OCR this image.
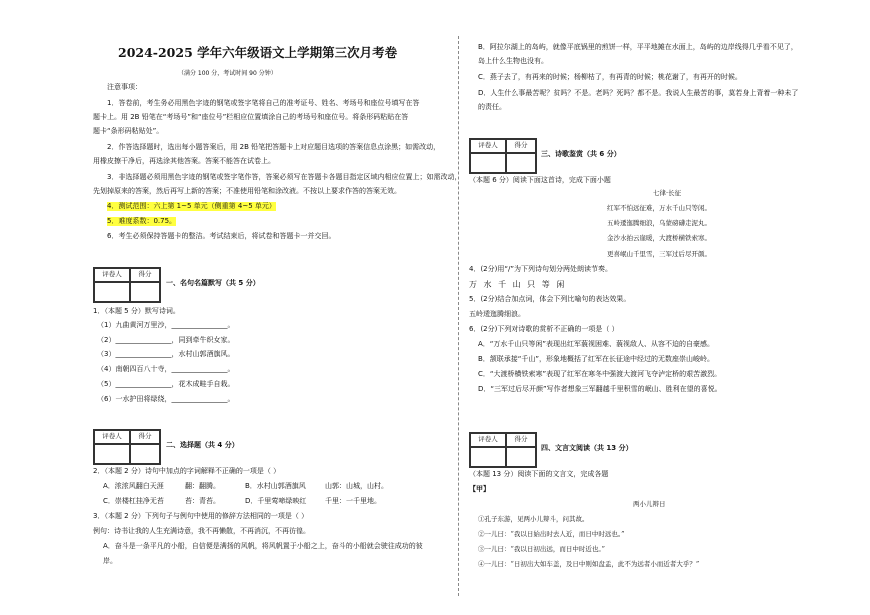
2024-2025 学年六年级语文上学期第三次月考卷
（满分 100 分，考试时间 90 分钟）
注意事项：
1．答卷前，考生务必用黑色字迹的钢笔或签字笔将自己的准考证号、姓名、考场号和座位号填写在答
题卡上。用 2B 铅笔在“考场号”和“座位号”栏相应位置填涂自己的考场号和座位号。将条形码粘贴在答
题卡“条形码粘贴处”。
2．作答选择题时，选出每小题答案后，用 2B 铅笔把答题卡上对应题目选项的答案信息点涂黑；如需改动，
用橡皮擦干净后，再选涂其他答案。答案不能答在试卷上。
3．非选择题必须用黑色字迹的钢笔或签字笔作答，答案必须写在答题卡各题目指定区域内相应位置上；如需改动，
先划掉原来的答案，然后再写上新的答案；不准使用铅笔和涂改液。不按以上要求作答的答案无效。
4．测试范围：六上第 1~5 单元（侧重第 4~5 单元）
5．难度系数：0.75。
6．考生必须保持答题卡的整洁。考试结束后，将试卷和答题卡一并交回。
评卷人	得分
一、名句名篇默写（共 5 分）
1．（本题 5 分）默写诗词。
（1）九曲黄河万里沙，________________。
（2）________________，同到牵牛织女家。
（3）________________，水村山郭酒旗风。
（4）南朝四百八十寺，________________。
（5）________________，花木成畦手自栽。
（6）一水护田将绿绕，________________。
评卷人	得分
二、选择题（共 4 分）
2．（本题 2 分）诗句中加点的字词解释不正确的一项是（ ）
A．浓浓风翻白天涯	翻：翻腾。	B．水村山郭酒旗风	山郭：山城，山村。
C．崇楼杠挂净无苔	苔：青苔。	D．千里莺啼绿映红	千里：一千里地。
3．（本题 2 分）下列句子与例句中使用的修辞方法相同的一项是（ ）
例句：诗书让我的人生充满诗意，我不再懒散，不再消沉，不再彷徨。
A．奋斗是一条平凡的小船，自信便是满扬的风帆，将风帆置于小船之上，奋斗的小船就会驶往成功的彼
岸。
B．阿拉尔湖上的岛屿，就像平底锅里的煎饼一样，平平地摊在水面上，岛屿的边岸线得几乎看不见了，
岛上什么生物也没有。
C．燕子去了，有再来的时候；杨柳枯了，有再青的时候；桃花谢了，有再开的时候。
D．人生什么事最苦呢？贫吗？不是。老吗？死吗？都不是。我说人生最苦的事，莫若身上背着一种未了
的责任。
评卷人	得分
三、诗歌鉴赏（共 6 分）
（本题 6 分）阅读下面这首诗，完成下面小题
七律·长征
红军不怕远征难，万水千山只等闲。
五岭逶迤腾细浪，乌蒙磅礴走泥丸。
金沙水拍云崖暖，大渡桥横铁索寒。
更喜岷山千里雪，三军过后尽开颜。
4．(2分)用“/”为下列诗句划分两处朗读节奏。
万 水 千 山 只 等 闲
5．(2分)结合加点词，体会下列比喻句的表达效果。
五岭逶迤腾细浪。
6．(2分)下列对诗歌的赏析不正确的一项是（ ）
A．“万水千山只等闲”表现出红军藐视困难、藐视敌人、从容不迫的自豪感。
B．颔联承接“千山”，形象地概括了红军在长征途中经过的无数座崇山峻岭。
C．“大渡桥横铁索寒”表现了红军在寒冬中强渡大渡河飞夺泸定桥的艰苦激烈。
D．“三军过后尽开颜”写作者想象三军翻越千里积雪的岷山、胜利在望的喜悦。
评卷人	得分
四、文言文阅读（共 13 分）
（本题 13 分）阅读下面的文言文，完成各题
【甲】
两小儿辩日
①孔子东游，见两小儿辩斗，问其故。
②一儿曰：“我以日始出时去人近，而日中时远也。”
③一儿曰：“我以日初出远，而日中时近也。”
④一儿曰：“日初出大如车盖，及日中则如盘盂，此不为远者小而近者大乎？”
